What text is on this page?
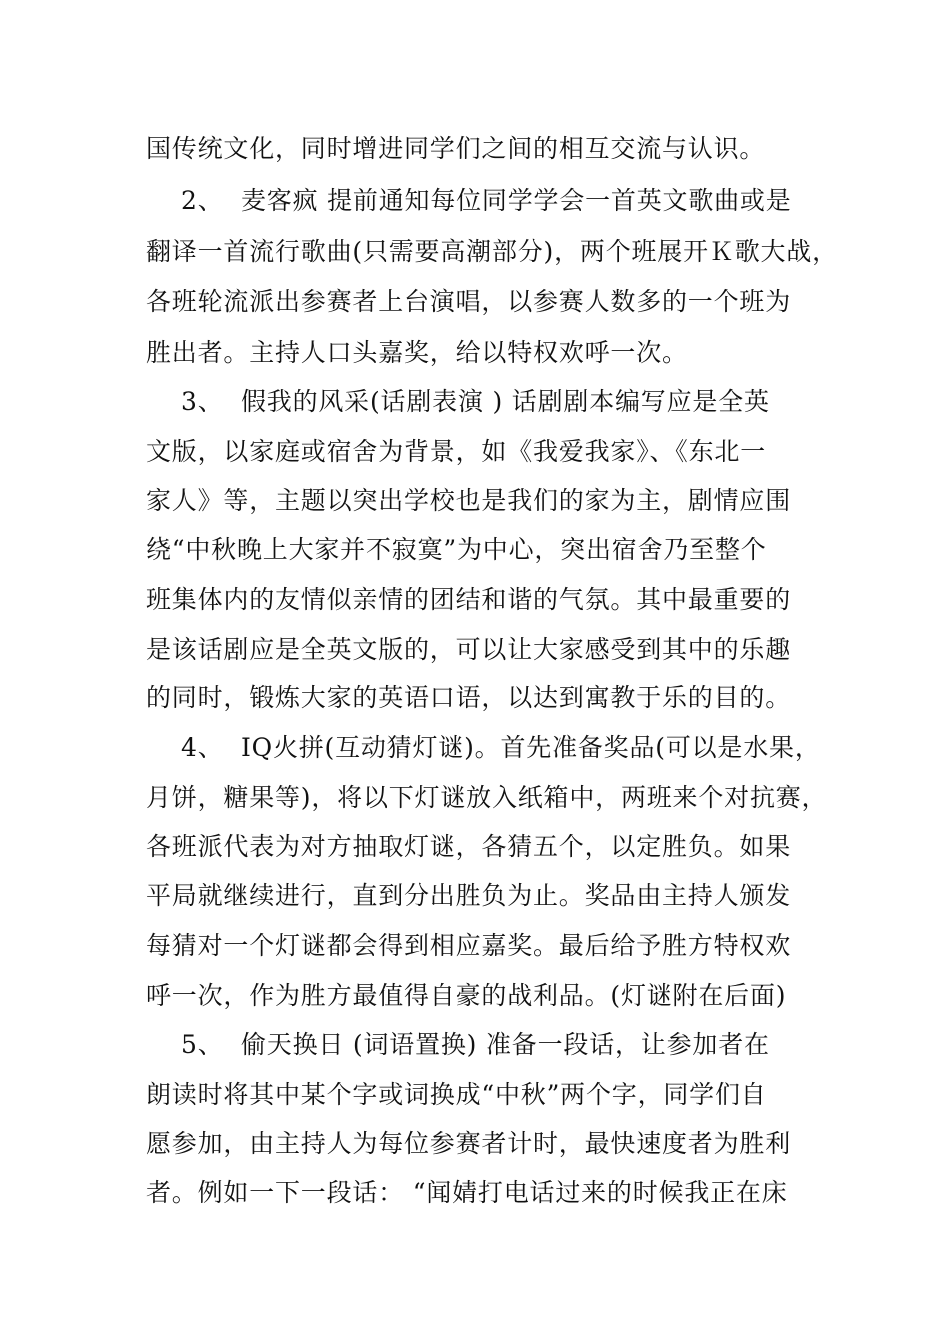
国传统文化，同时增进同学们之间的相互交流与认识。
2、  麦客疯 提前通知每位同学学会一首英文歌曲或是
翻译一首流行歌曲(只需要高潮部分)，两个班展开Ｋ歌大战，
各班轮流派出参赛者上台演唱，以参赛人数多的一个班为
胜出者。主持人口头嘉奖，给以特权欢呼一次。
3、  假我的风采(话剧表演 ) 话剧剧本编写应是全英
文版，以家庭或宿舍为背景，如《我爱我家》、《东北一
家人》等，主题以突出学校也是我们的家为主，剧情应围
绕“中秋晚上大家并不寂寞”为中心，突出宿舍乃至整个
班集体内的友情似亲情的团结和谐的气氛。其中最重要的
是该话剧应是全英文版的，可以让大家感受到其中的乐趣
的同时，锻炼大家的英语口语，以达到寓教于乐的目的。
4、  IQ火拼(互动猜灯谜)。首先准备奖品(可以是水果，
月饼，糖果等)，将以下灯谜放入纸箱中，两班来个对抗赛，
各班派代表为对方抽取灯谜，各猜五个，以定胜负。如果
平局就继续进行，直到分出胜负为止。奖品由主持人颁发
每猜对一个灯谜都会得到相应嘉奖。最后给予胜方特权欢
呼一次，作为胜方最值得自豪的战利品。(灯谜附在后面)
5、  偷天换日 (词语置换) 准备一段话，让参加者在
朗读时将其中某个字或词换成“中秋”两个字，同学们自
愿参加，由主持人为每位参赛者计时，最快速度者为胜利
者。例如一下一段话： “闻婧打电话过来的时候我正在床
